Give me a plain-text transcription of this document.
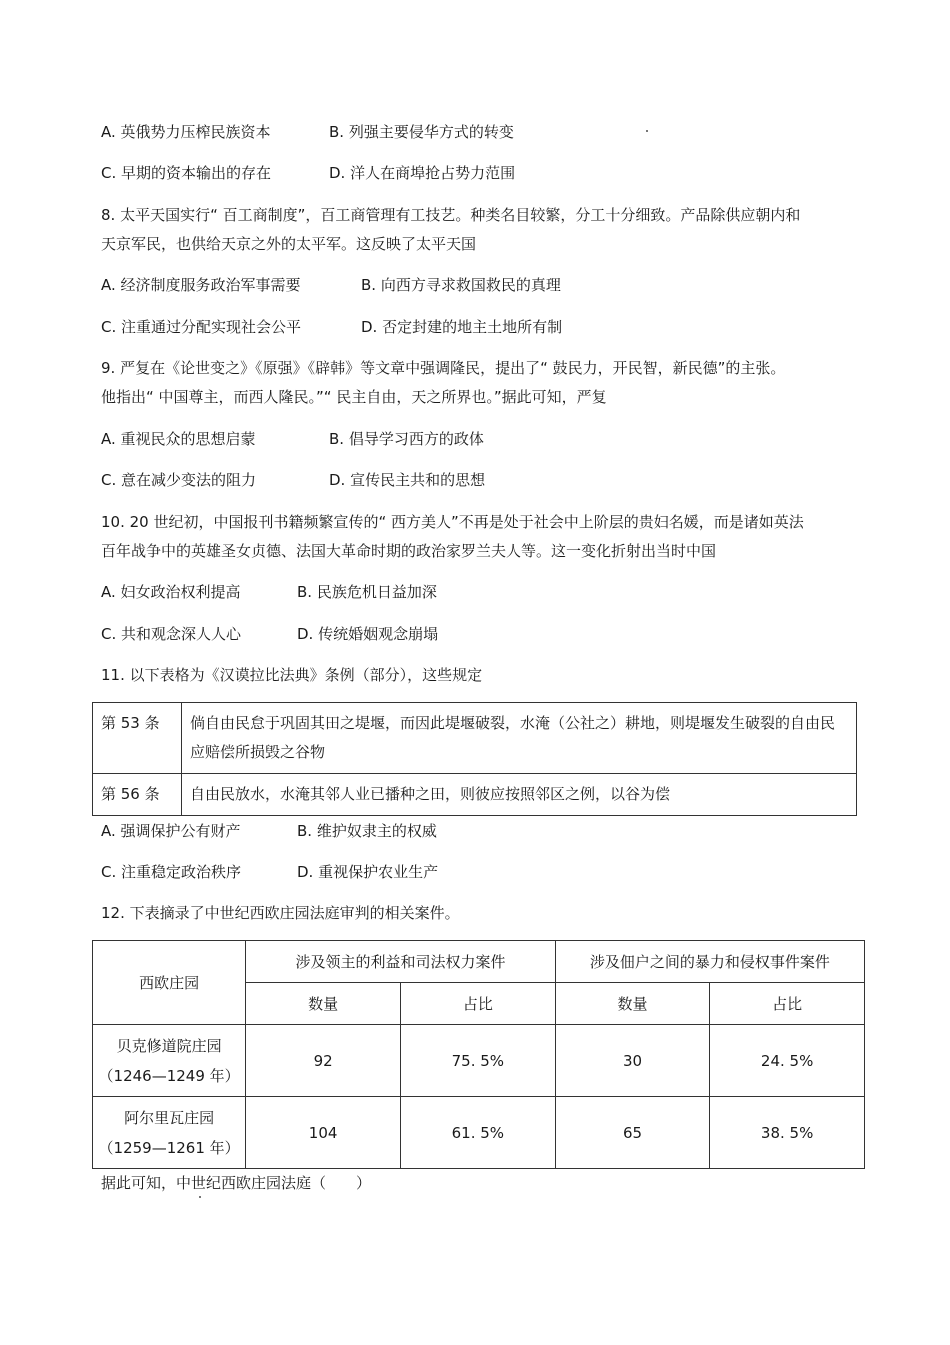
A. 英俄势力压榨民族资本	B. 列强主要侵华方式的转变
C. 早期的资本输出的存在	D. 洋人在商埠抢占势力范围
8. 太平天国实行“ 百工商制度”，百工商管理有工技艺。种类名目较繁，分工十分细致。产品除供应朝内和
天京军民，也供给天京之外的太平军。这反映了太平天国
A. 经济制度服务政治军事需要	B. 向西方寻求救国救民的真理
C. 注重通过分配实现社会公平	D. 否定封建的地主土地所有制
9. 严复在《论世变之》《原强》《辟韩》等文章中强调隆民，提出了“ 鼓民力，开民智，新民德”的主张。
他指出“ 中国尊主，而西人隆民。”“ 民主自由，天之所界也。”据此可知，严复
A. 重视民众的思想启蒙	B. 倡导学习西方的政体
C. 意在减少变法的阻力	D. 宣传民主共和的思想
10. 20 世纪初，中国报刊书籍频繁宣传的“ 西方美人”不再是处于社会中上阶层的贵妇名媛，而是诸如英法
百年战争中的英雄圣女贞德、法国大革命时期的政治家罗兰夫人等。这一变化折射出当时中国
A. 妇女政治权利提高	B. 民族危机日益加深
C. 共和观念深人人心	D. 传统婚姻观念崩塌
11. 以下表格为《汉谟拉比法典》条例（部分），这些规定
第 53 条	倘自由民怠于巩固其田之堤堰，而因此堤堰破裂，水淹（公社之）耕地，则堤堰发生破裂的自由民应赔偿所损毁之谷物
第 56 条	自由民放水，水淹其邻人业已播种之田，则彼应按照邻区之例，以谷为偿
A. 强调保护公有财产	B. 维护奴隶主的权威
C. 注重稳定政治秩序	D. 重视保护农业生产
12. 下表摘录了中世纪西欧庄园法庭审判的相关案件。
西欧庄园	涉及领主的利益和司法权力案件		涉及佃户之间的暴力和侵权事件案件	
	数量	占比	数量	占比

贝克修道院庄园
（1246—1249 年）	92	75. 5%	30	24. 5%

阿尔里瓦庄园
（1259—1261 年）	104	61. 5%	65	38. 5%
据此可知，中世纪西欧庄园法庭（　　）
